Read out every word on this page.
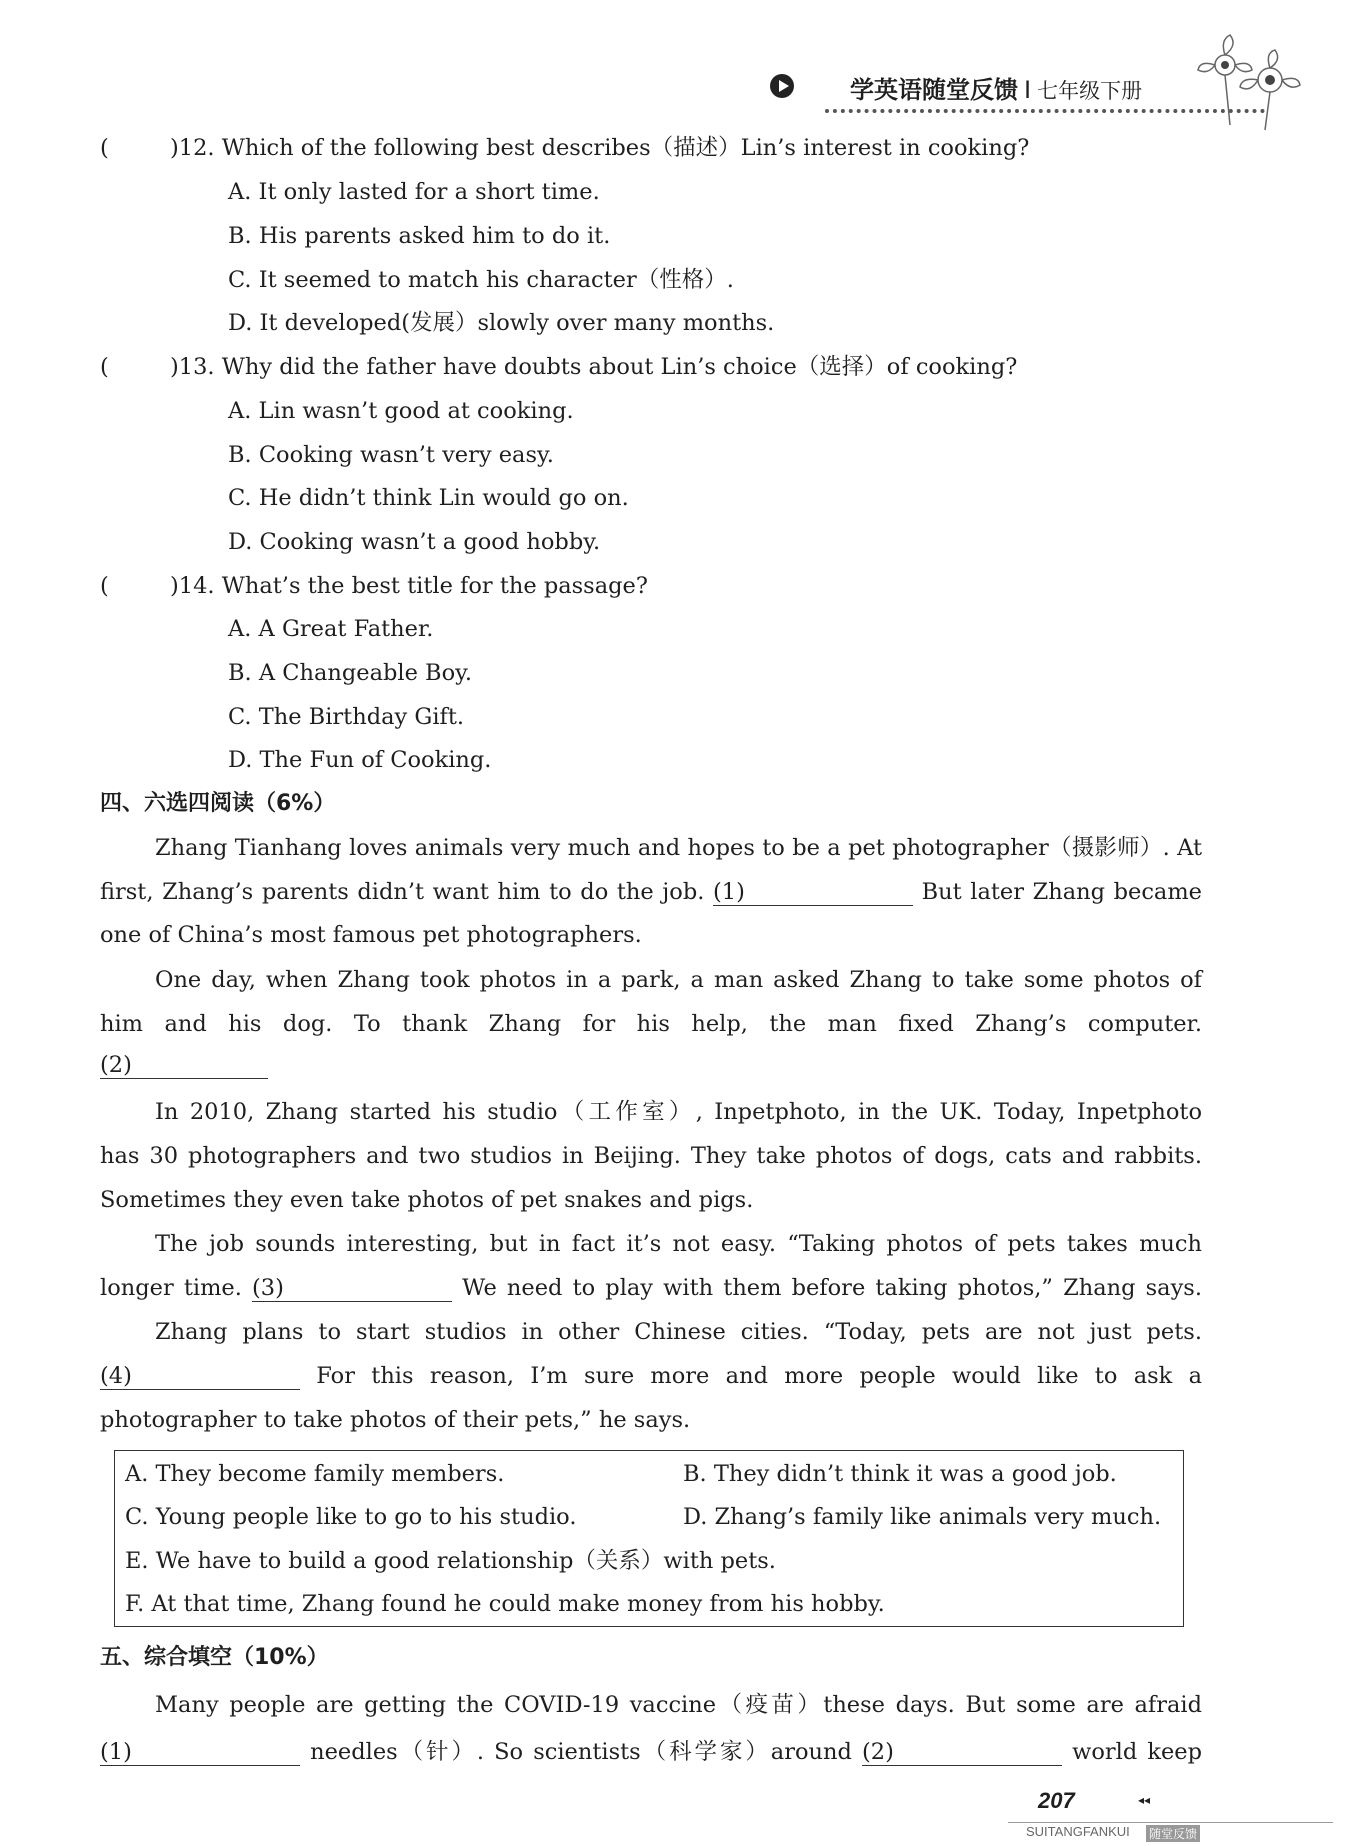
学英语随堂反馈 I 七年级下册
(	)12. Which of the following best describes（描述）Lin’s interest in cooking?
A. It only lasted for a short time.
B. His parents asked him to do it.
C. It seemed to match his character（性格）.
D. It developed(发展）slowly over many months.
(	)13. Why did the father have doubts about Lin’s choice（选择）of cooking?
A. Lin wasn’t good at cooking.
B. Cooking wasn’t very easy.
C. He didn’t think Lin would go on.
D. Cooking wasn’t a good hobby.
(	)14. What’s the best title for the passage?
A. A Great Father.
B. A Changeable Boy.
C. The Birthday Gift.
D. The Fun of Cooking.
四、六选四阅读（6%）
Zhang Tianhang loves animals very much and hopes to be a pet photographer（摄影师）. At
first, Zhang’s parents didn’t want him to do the job. (1)	But later Zhang became
one of China’s most famous pet photographers.
One day, when Zhang took photos in a park, a man asked Zhang to take some photos of
him and his dog. To thank Zhang for his help, the man fixed Zhang’s computer.
(2)
In 2010, Zhang started his studio（工作室）, Inpetphoto, in the UK. Today, Inpetphoto
has 30 photographers and two studios in Beijing. They take photos of dogs, cats and rabbits.
Sometimes they even take photos of pet snakes and pigs.
The job sounds interesting, but in fact it’s not easy. “Taking photos of pets takes much
longer time. (3)	We need to play with them before taking photos,” Zhang says.
Zhang plans to start studios in other Chinese cities. “Today, pets are not just pets.
(4)	For this reason, I’m sure more and more people would like to ask a
photographer to take photos of their pets,” he says.
A. They become family members.	B. They didn’t think it was a good job.
C. Young people like to go to his studio.	D. Zhang’s family like animals very much.
E. We have to build a good relationship（关系）with pets.
F. At that time, Zhang found he could make money from his hobby.
五、综合填空（10%）
Many people are getting the COVID-19 vaccine（疫苗）these days. But some are afraid
(1)	needles（针）. So scientists（科学家）around (2)	world keep
207	◂◂
SUITANGFANKUI 随堂反馈
